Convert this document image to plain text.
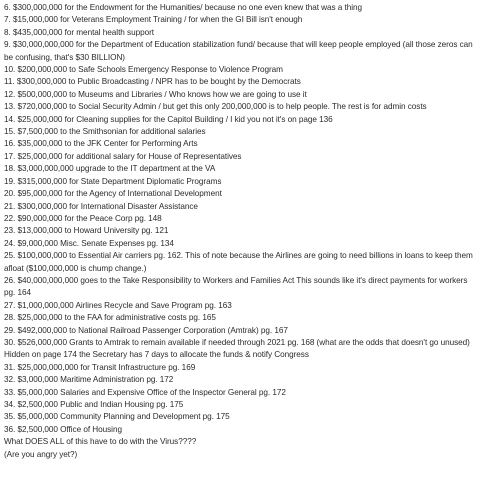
6. $300,000,000 for the Endowment for the Humanities/ because no one even knew that was a thing
7. $15,000,000 for Veterans Employment Training / for when the GI Bill isn't enough
8. $435,000,000 for mental health support
9. $30,000,000,000 for the Department of Education stabilization fund/ because that will keep people employed (all those zeros can be confusing, that's $30 BILLION)
10. $200,000,000 to Safe Schools Emergency Response to Violence Program
11. $300,000,000 to Public Broadcasting / NPR has to be bought by the Democrats
12. $500,000,000 to Museums and Libraries / Who knows how we are going to use it
13. $720,000,000 to Social Security Admin / but get this only 200,000,000 is to help people. The rest is for admin costs
14. $25,000,000 for Cleaning supplies for the Capitol Building / I kid you not it's on page 136
15. $7,500,000 to the Smithsonian for additional salaries
16. $35,000,000 to the JFK Center for Performing Arts
17. $25,000,000 for additional salary for House of Representatives
18. $3,000,000,000 upgrade to the IT department at the VA
19. $315,000,000 for State Department Diplomatic Programs
20. $95,000,000 for the Agency of International Development
21. $300,000,000 for International Disaster Assistance
22. $90,000,000 for the Peace Corp pg. 148
23. $13,000,000 to Howard University pg. 121
24. $9,000,000 Misc. Senate Expenses pg. 134
25. $100,000,000 to Essential Air carriers pg. 162. This of note because the Airlines are going to need billions in loans to keep them afloat ($100,000,000 is chump change.)
26. $40,000,000,000 goes to the Take Responsibility to Workers and Families Act This sounds like it's direct payments for workers pg. 164
27. $1,000,000,000 Airlines Recycle and Save Program pg. 163
28. $25,000,000 to the FAA for administrative costs pg. 165
29. $492,000,000 to National Railroad Passenger Corporation (Amtrak) pg. 167
30. $526,000,000 Grants to Amtrak to remain available if needed through 2021 pg. 168 (what are the odds that doesn't go unused) Hidden on page 174 the Secretary has 7 days to allocate the funds & notify Congress
31. $25,000,000,000 for Transit Infrastructure pg. 169
32. $3,000,000 Maritime Administration pg. 172
33. $5,000,000 Salaries and Expensive Office of the Inspector General pg. 172
34. $2,500,000 Public and Indian Housing pg. 175
35. $5,000,000 Community Planning and Development pg. 175
36. $2,500,000 Office of Housing
What DOES ALL of this have to do with the Virus????
(Are you angry yet?)
